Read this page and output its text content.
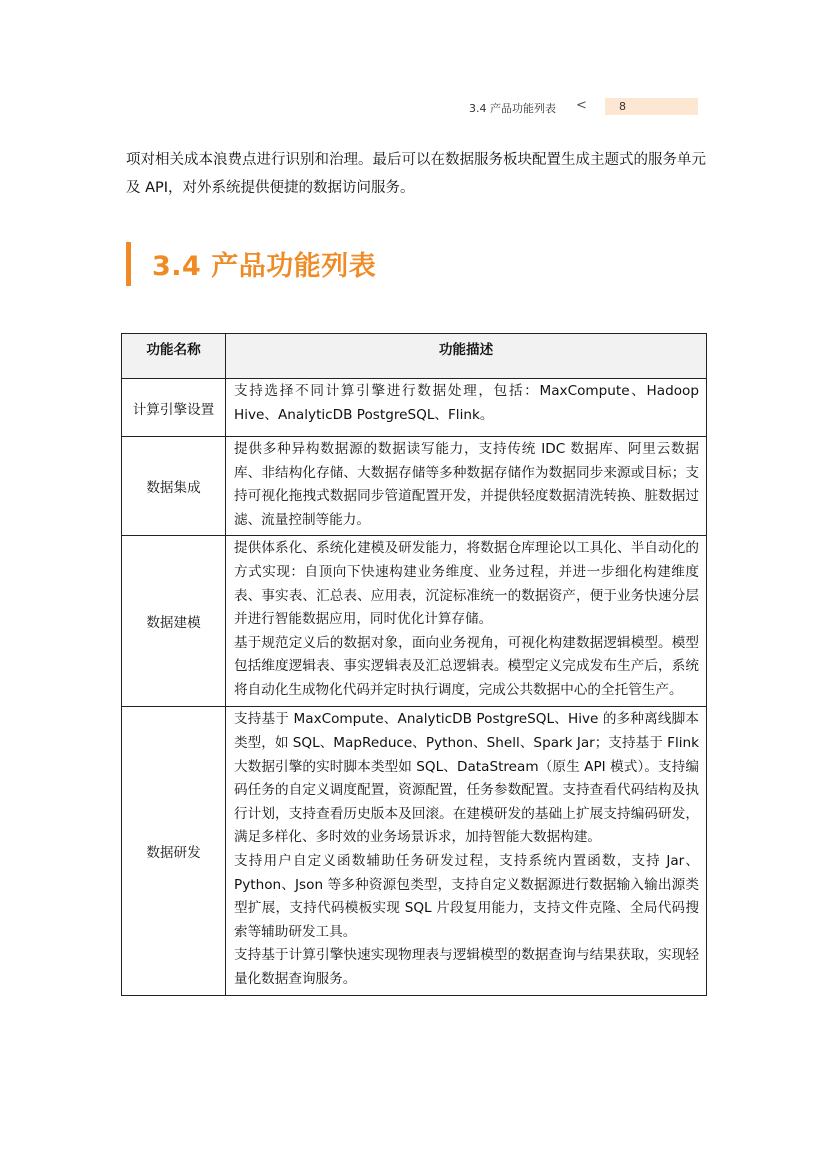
3.4 产品功能列表 <	8
项对相关成本浪费点进行识别和治理。最后可以在数据服务板块配置生成主题式的服务单元及 API，对外系统提供便捷的数据访问服务。
3.4 产品功能列表
功能名称	功能描述
计算引擎设置	支持选择不同计算引擎进行数据处理，包括：MaxCompute、Hadoop Hive、AnalyticDB PostgreSQL、Flink。

数据集成	提供多种异构数据源的数据读写能力，支持传统 IDC 数据库、阿里云数据库、非结构化存储、大数据存储等多种数据存储作为数据同步来源或目标；支持可视化拖拽式数据同步管道配置开发，并提供轻度数据清洗转换、脏数据过滤、流量控制等能力。

数据建模	提供体系化、系统化建模及研发能力，将数据仓库理论以工具化、半自动化的方式实现：自顶向下快速构建业务维度、业务过程，并进一步细化构建维度表、事实表、汇总表、应用表，沉淀标准统一的数据资产，便于业务快速分层并进行智能数据应用，同时优化计算存储。
基于规范定义后的数据对象，面向业务视角，可视化构建数据逻辑模型。模型包括维度逻辑表、事实逻辑表及汇总逻辑表。模型定义完成发布生产后，系统将自动化生成物化代码并定时执行调度，完成公共数据中心的全托管生产。

数据研发	支持基于 MaxCompute、AnalyticDB PostgreSQL、Hive 的多种离线脚本类型，如 SQL、MapReduce、Python、Shell、Spark Jar；支持基于 Flink 大数据引擎的实时脚本类型如 SQL、DataStream（原生 API 模式）。支持编码任务的自定义调度配置，资源配置，任务参数配置。支持查看代码结构及执行计划，支持查看历史版本及回滚。在建模研发的基础上扩展支持编码研发，满足多样化、多时效的业务场景诉求，加持智能大数据构建。
支持用户自定义函数辅助任务研发过程，支持系统内置函数，支持 Jar、Python、Json 等多种资源包类型，支持自定义数据源进行数据输入输出源类型扩展，支持代码模板实现 SQL 片段复用能力，支持文件克隆、全局代码搜索等辅助研发工具。
支持基于计算引擎快速实现物理表与逻辑模型的数据查询与结果获取，实现轻量化数据查询服务。
